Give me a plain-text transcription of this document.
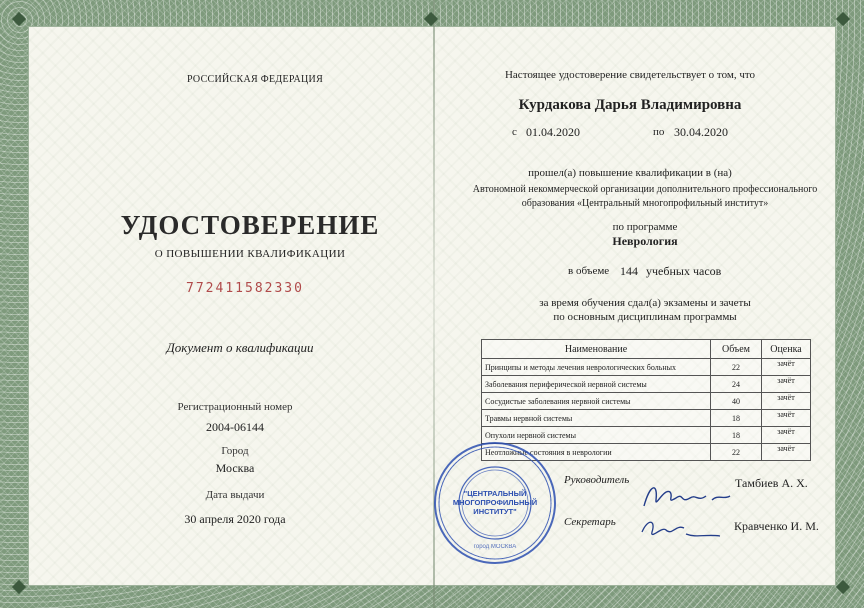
РОССИЙСКАЯ ФЕДЕРАЦИЯ
УДОСТОВЕРЕНИЕ
О ПОВЫШЕНИИ КВАЛИФИКАЦИИ
772411582330
Документ о квалификации
Регистрационный номер
2004-06144
Город
Москва
Дата выдачи
30 апреля 2020 года
Настоящее удостоверение свидетельствует о том, что
Курдакова Дарья Владимировна
с 01.04.2020	по 30.04.2020
прошел(а) повышение квалификации в (на)
Автономной некоммерческой организации дополнительного профессионального
образования «Центральный многопрофильный институт»
по программе
Неврология
в объеме 144 учебных часов
за время обучения сдал(а) экзамены и зачеты
по основным дисциплинам программы
Наименование	Объем	Оценка
Принципы и методы лечения неврологических больных	22	зачёт
Заболевания периферической нервной системы	24	зачёт
Сосудистые заболевания нервной системы	40	зачёт
Травмы нервной системы	18	зачёт
Опухоли нервной системы	18	зачёт
Неотложные состояния в неврологии	22	зачёт
"ЦЕНТРАЛЬНЫЙ
МНОГОПРОФИЛЬНЫЙ
ИНСТИТУТ"
город МОСКВА
Руководитель	Тамбиев А. Х.
Секретарь	Кравченко И. М.
